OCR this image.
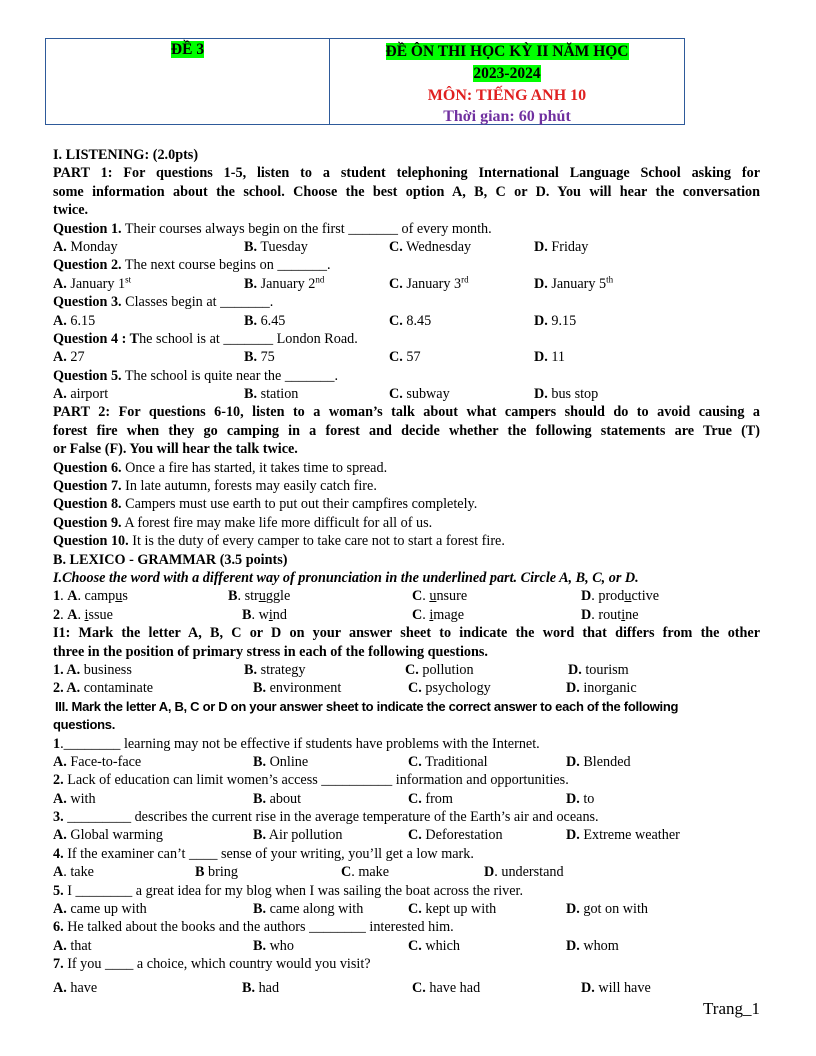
ĐỀ 3	ĐỀ ÔN THI HỌC KỲ II NĂM HỌC
2023-2024
MÔN: TIẾNG ANH 10
Thời gian: 60 phút
I. LISTENING: (2.0pts)
PART 1: For questions 1-5, listen to a student telephoning International Language School asking for
some information about the school. Choose the best option A, B, C or D. You will hear the conversation
twice.
Question 1. Their courses always begin on the first _______ of every month.
A. Monday	B. Tuesday	C. Wednesday	D. Friday
Question 2. The next course begins on _______.
A. January 1st	B. January 2nd	C. January 3rd	D. January 5th
Question 3. Classes begin at _______.
A. 6.15	B. 6.45	C. 8.45	D. 9.15
Question 4 : The school is at _______ London Road.
A. 27	B. 75	C. 57	D. 11
Question 5. The school is quite near the _______.
A. airport	B. station	C. subway	D. bus stop
PART 2: For questions 6-10, listen to a woman’s talk about what campers should do to avoid causing a
forest fire when they go camping in a forest and decide whether the following statements are True (T)
or False (F). You will hear the talk twice.
Question 6. Once a fire has started, it takes time to spread.
Question 7. In late autumn, forests may easily catch fire.
Question 8. Campers must use earth to put out their campfires completely.
Question 9. A forest fire may make life more difficult for all of us.
Question 10. It is the duty of every camper to take care not to start a forest fire.
B. LEXICO - GRAMMAR (3.5 points)
I.Choose the word with a different way of pronunciation in the underlined part. Circle A, B, C, or D.
1. A. campus	B. struggle	C. unsure	D. productive
2. A. issue	B. wind	C. image	D. routine
I1: Mark the letter A, B, C or D on your answer sheet to indicate the word that differs from the other
three in the position of primary stress in each of the following questions.
1. A. business	B. strategy	C. pollution	D. tourism
2. A. contaminate	B. environment	C. psychology	D. inorganic
III. Mark the letter A, B, C or D on your answer sheet to indicate the correct answer to each of the following
questions.
1.________ learning may not be effective if students have problems with the Internet.
A. Face-to-face	B. Online	C. Traditional	D. Blended
2. Lack of education can limit women’s access __________ information and opportunities.
A. with	B. about	C. from	D. to
3. _________ describes the current rise in the average temperature of the Earth’s air and oceans.
A. Global warming	B. Air pollution	C. Deforestation	D. Extreme weather
4. If the examiner can’t ____ sense of your writing, you’ll get a low mark.
A. take	B bring	C. make	D. understand
5. I ________ a great idea for my blog when I was sailing the boat across the river.
A. came up with	B. came along with	C. kept up with	D. got on with
6. He talked about the books and the authors ________ interested him.
A. that	B. who	C. which	D. whom
7. If you ____ a choice, which country would you visit?
A. have	B. had	C. have had	D. will have
Trang_1
